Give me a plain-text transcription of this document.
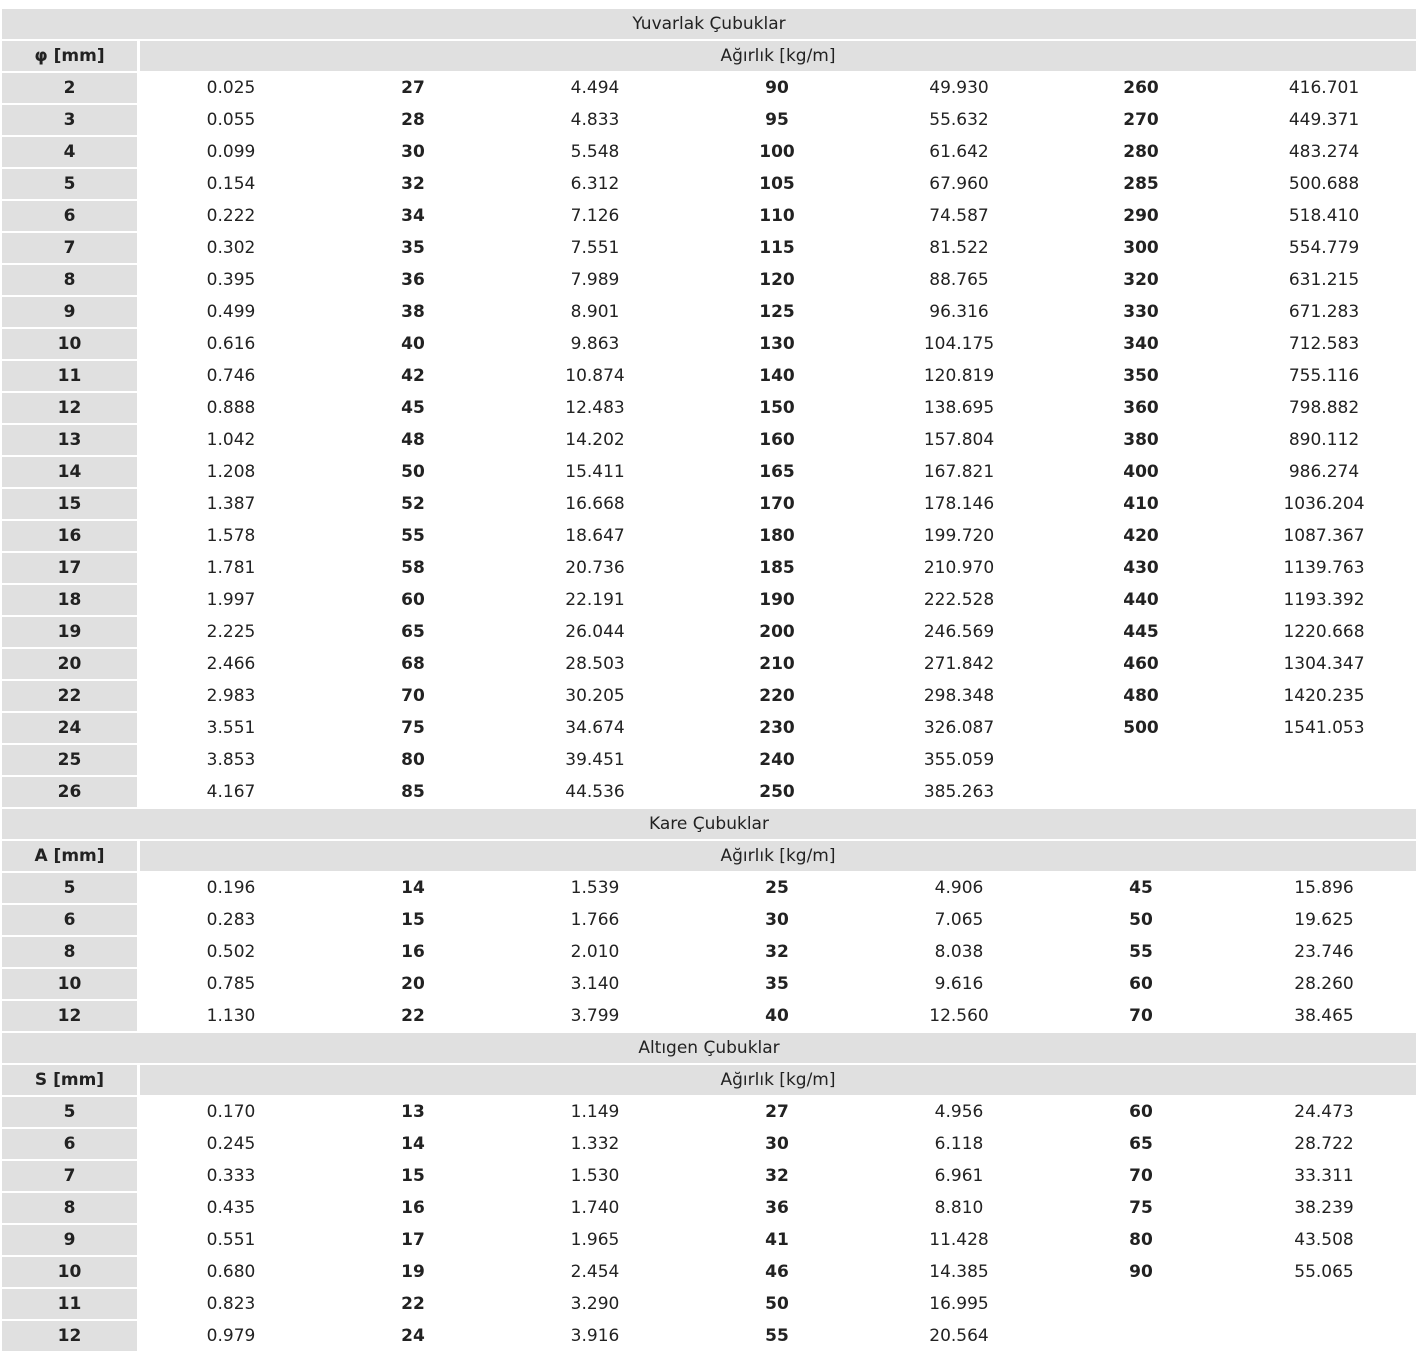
Yuvarlak Çubuklar							
φ [mm]	Ağırlık [kg/m]						
2	0.025	27	4.494	90	49.930	260	416.701
3	0.055	28	4.833	95	55.632	270	449.371
4	0.099	30	5.548	100	61.642	280	483.274
5	0.154	32	6.312	105	67.960	285	500.688
6	0.222	34	7.126	110	74.587	290	518.410
7	0.302	35	7.551	115	81.522	300	554.779
8	0.395	36	7.989	120	88.765	320	631.215
9	0.499	38	8.901	125	96.316	330	671.283
10	0.616	40	9.863	130	104.175	340	712.583
11	0.746	42	10.874	140	120.819	350	755.116
12	0.888	45	12.483	150	138.695	360	798.882
13	1.042	48	14.202	160	157.804	380	890.112
14	1.208	50	15.411	165	167.821	400	986.274
15	1.387	52	16.668	170	178.146	410	1036.204
16	1.578	55	18.647	180	199.720	420	1087.367
17	1.781	58	20.736	185	210.970	430	1139.763
18	1.997	60	22.191	190	222.528	440	1193.392
19	2.225	65	26.044	200	246.569	445	1220.668
20	2.466	68	28.503	210	271.842	460	1304.347
22	2.983	70	30.205	220	298.348	480	1420.235
24	3.551	75	34.674	230	326.087	500	1541.053
25	3.853	80	39.451	240	355.059		
26	4.167	85	44.536	250	385.263		
Kare Çubuklar							
A [mm]	Ağırlık [kg/m]						
5	0.196	14	1.539	25	4.906	45	15.896
6	0.283	15	1.766	30	7.065	50	19.625
8	0.502	16	2.010	32	8.038	55	23.746
10	0.785	20	3.140	35	9.616	60	28.260
12	1.130	22	3.799	40	12.560	70	38.465
Altıgen Çubuklar							
S [mm]	Ağırlık [kg/m]						
5	0.170	13	1.149	27	4.956	60	24.473
6	0.245	14	1.332	30	6.118	65	28.722
7	0.333	15	1.530	32	6.961	70	33.311
8	0.435	16	1.740	36	8.810	75	38.239
9	0.551	17	1.965	41	11.428	80	43.508
10	0.680	19	2.454	46	14.385	90	55.065
11	0.823	22	3.290	50	16.995		
12	0.979	24	3.916	55	20.564		
